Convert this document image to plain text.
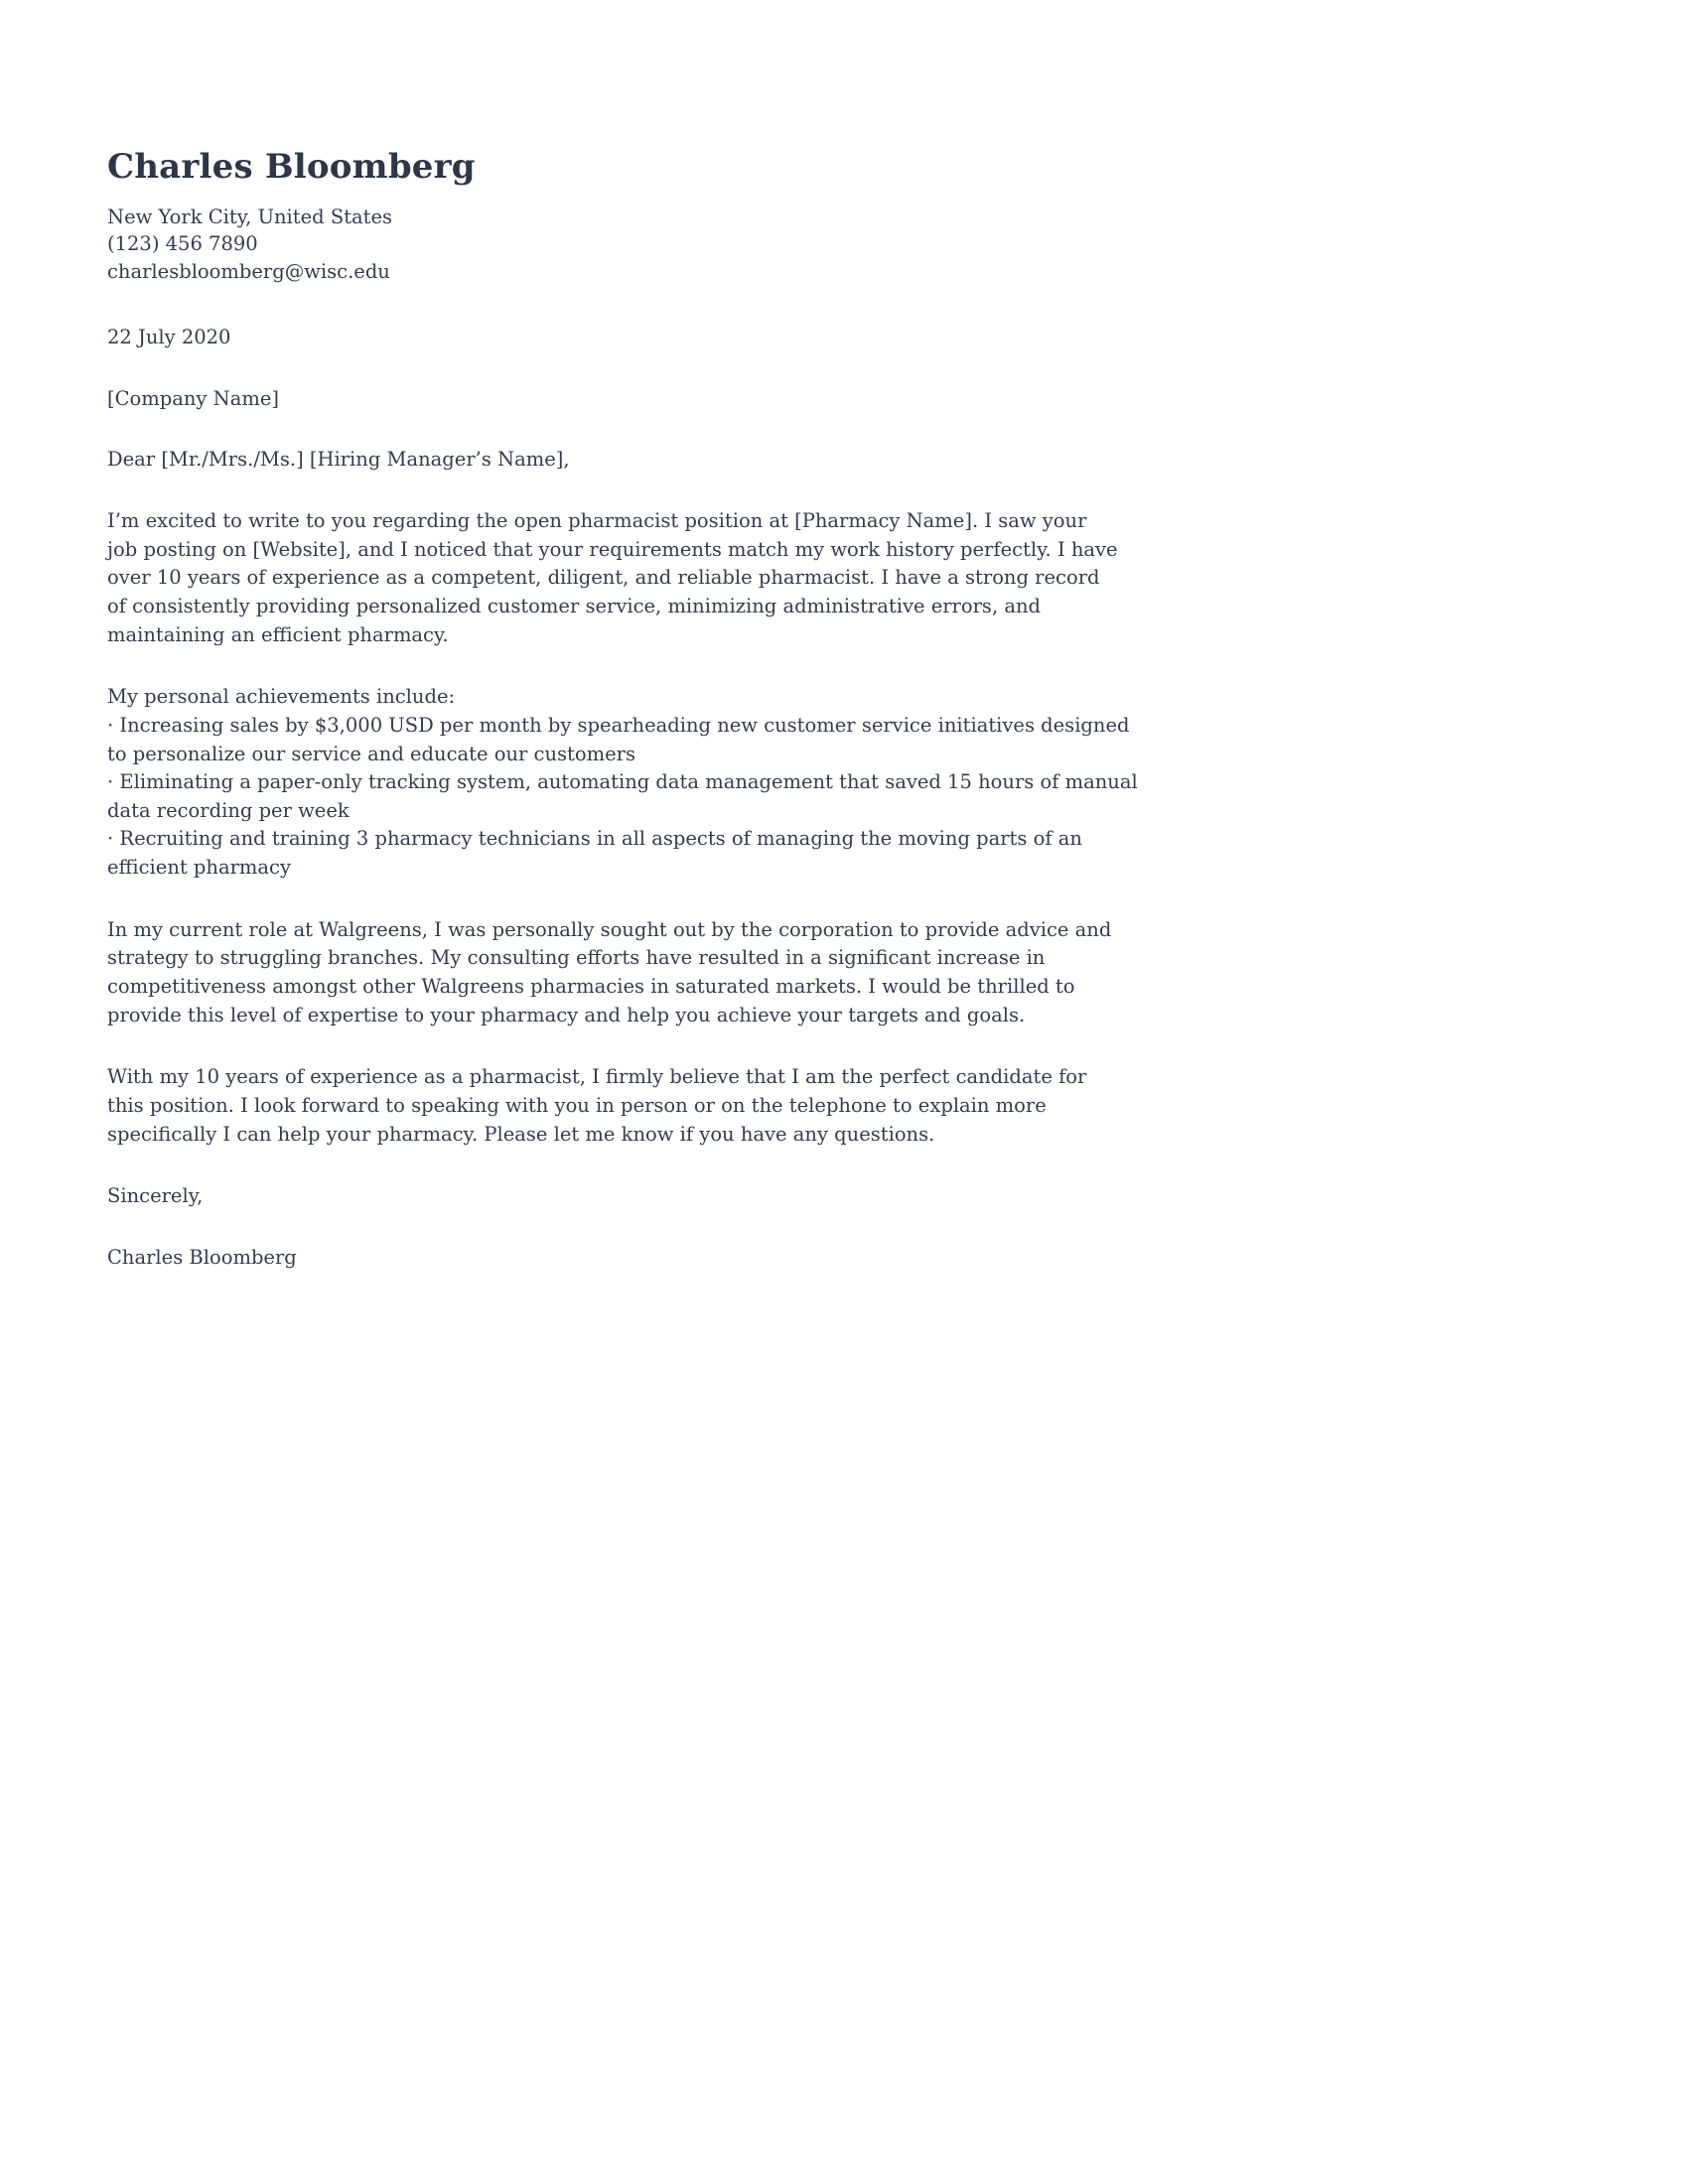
Charles Bloomberg
New York City, United States
(123) 456 7890
charlesbloomberg@wisc.edu
22 July 2020
[Company Name]
Dear [Mr./Mrs./Ms.] [Hiring Manager’s Name],

I’m excited to write to you regarding the open pharmacist position at [Pharmacy Name]. I saw your job posting on [Website], and I noticed that your requirements match my work history perfectly. I have over 10 years of experience as a competent, diligent, and reliable pharmacist. I have a strong record of consistently providing personalized customer service, minimizing administrative errors, and maintaining an efficient pharmacy.

My personal achievements include:

· Increasing sales by $3,000 USD per month by spearheading new customer service initiatives designed to personalize our service and educate our customers

· Eliminating a paper-only tracking system, automating data management that saved 15 hours of manual data recording per week

· Recruiting and training 3 pharmacy technicians in all aspects of managing the moving parts of an efficient pharmacy

In my current role at Walgreens, I was personally sought out by the corporation to provide advice and strategy to struggling branches. My consulting efforts have resulted in a significant increase in competitiveness amongst other Walgreens pharmacies in saturated markets. I would be thrilled to provide this level of expertise to your pharmacy and help you achieve your targets and goals.

With my 10 years of experience as a pharmacist, I firmly believe that I am the perfect candidate for this position. I look forward to speaking with you in person or on the telephone to explain more specifically I can help your pharmacy. Please let me know if you have any questions.

Sincerely,
Charles Bloomberg
